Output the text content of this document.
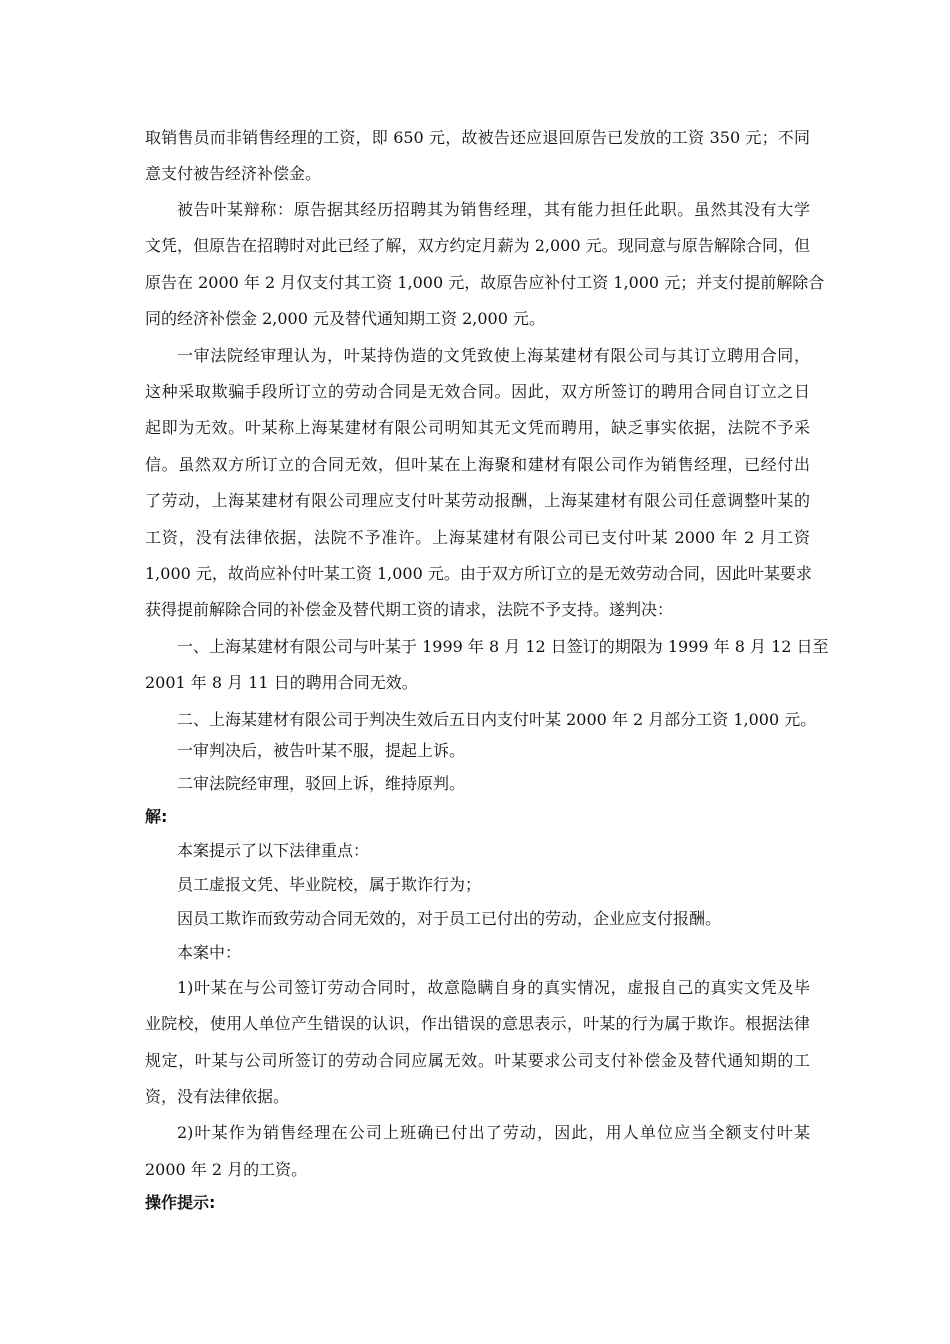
取销售员而非销售经理的工资，即 650 元，故被告还应退回原告已发放的工资 350 元；不同
意支付被告经济补偿金。
被告叶某辩称：原告据其经历招聘其为销售经理，其有能力担任此职。虽然其没有大学
文凭，但原告在招聘时对此已经了解，双方约定月薪为 2,000 元。现同意与原告解除合同，但
原告在 2000 年 2 月仅支付其工资 1,000 元，故原告应补付工资 1,000 元；并支付提前解除合
同的经济补偿金 2,000 元及替代通知期工资 2,000 元。
一审法院经审理认为，叶某持伪造的文凭致使上海某建材有限公司与其订立聘用合同，
这种采取欺骗手段所订立的劳动合同是无效合同。因此，双方所签订的聘用合同自订立之日
起即为无效。叶某称上海某建材有限公司明知其无文凭而聘用，缺乏事实依据，法院不予采
信。虽然双方所订立的合同无效，但叶某在上海聚和建材有限公司作为销售经理，已经付出
了劳动，上海某建材有限公司理应支付叶某劳动报酬，上海某建材有限公司任意调整叶某的
工资，没有法律依据，法院不予准许。上海某建材有限公司已支付叶某 2000 年 2 月工资
1,000 元，故尚应补付叶某工资 1,000 元。由于双方所订立的是无效劳动合同，因此叶某要求
获得提前解除合同的补偿金及替代期工资的请求，法院不予支持。遂判决：
一、上海某建材有限公司与叶某于 1999 年 8 月 12 日签订的期限为 1999 年 8 月 12 日至
2001 年 8 月 11 日的聘用合同无效。
二、上海某建材有限公司于判决生效后五日内支付叶某 2000 年 2 月部分工资 1,000 元。
一审判决后，被告叶某不服，提起上诉。
二审法院经审理，驳回上诉，维持原判。
解:
本案提示了以下法律重点：
员工虚报文凭、毕业院校，属于欺诈行为；
因员工欺诈而致劳动合同无效的，对于员工已付出的劳动，企业应支付报酬。
本案中：
1)叶某在与公司签订劳动合同时，故意隐瞒自身的真实情况，虚报自己的真实文凭及毕
业院校，使用人单位产生错误的认识，作出错误的意思表示，叶某的行为属于欺诈。根据法律
规定，叶某与公司所签订的劳动合同应属无效。叶某要求公司支付补偿金及替代通知期的工
资，没有法律依据。
2)叶某作为销售经理在公司上班确已付出了劳动，因此，用人单位应当全额支付叶某
2000 年 2 月的工资。
操作提示:
